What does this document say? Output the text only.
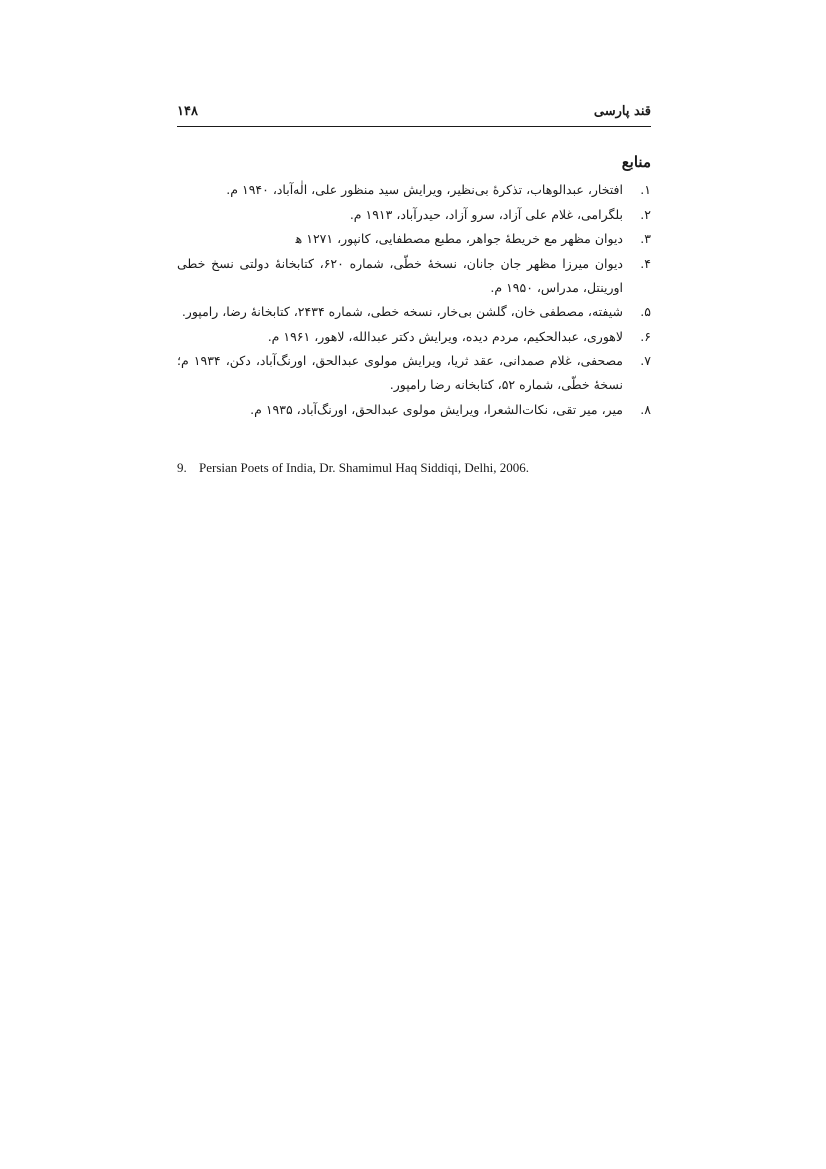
قند پارسی
۱۴۸
منابع
۱.
افتخار، عبدالوهاب، تذکرۀ بی‌نظیر، ویرایش سید منظور علی، الٰه‌آباد، ۱۹۴۰ م.
۲.
بلگرامی، غلام علی آزاد، سرو آزاد، حیدرآباد، ۱۹۱۳ م.
۳.
دیوان مظهر مع خریطۀ جواهر، مطبع مصطفایی، کانپور، ۱۲۷۱ ﻫ
۴.
دیوان میرزا مظهر جان جانان، نسخۀ خطّی، شماره ۶۲۰، کتابخانۀ دولتی نسخ خطی اورینتل، مدراس، ۱۹۵۰ م.
۵.
شیفته، مصطفی خان، گلشن بی‌خار، نسخه خطی، شماره ۲۴۳۴، کتابخانۀ رضا، رامپور.
۶.
لاهوری، عبدالحکیم، مردم دیده، ویرایش دکتر عبدالله، لاهور، ۱۹۶۱ م.
۷.
مصحفی، غلام صمدانی، عقد ثریا، ویرایش مولوی عبدالحق، اورنگ‌آباد، دکن، ۱۹۳۴ م؛ نسخۀ خطّی، شماره ۵۲، کتابخانه رضا رامپور.
۸.
میر، میر تقی، نکات‌الشعرا، ویرایش مولوی عبدالحق، اورنگ‌آباد، ۱۹۳۵ م.
9. Persian Poets of India, Dr. Shamimul Haq Siddiqi, Delhi, 2006.
